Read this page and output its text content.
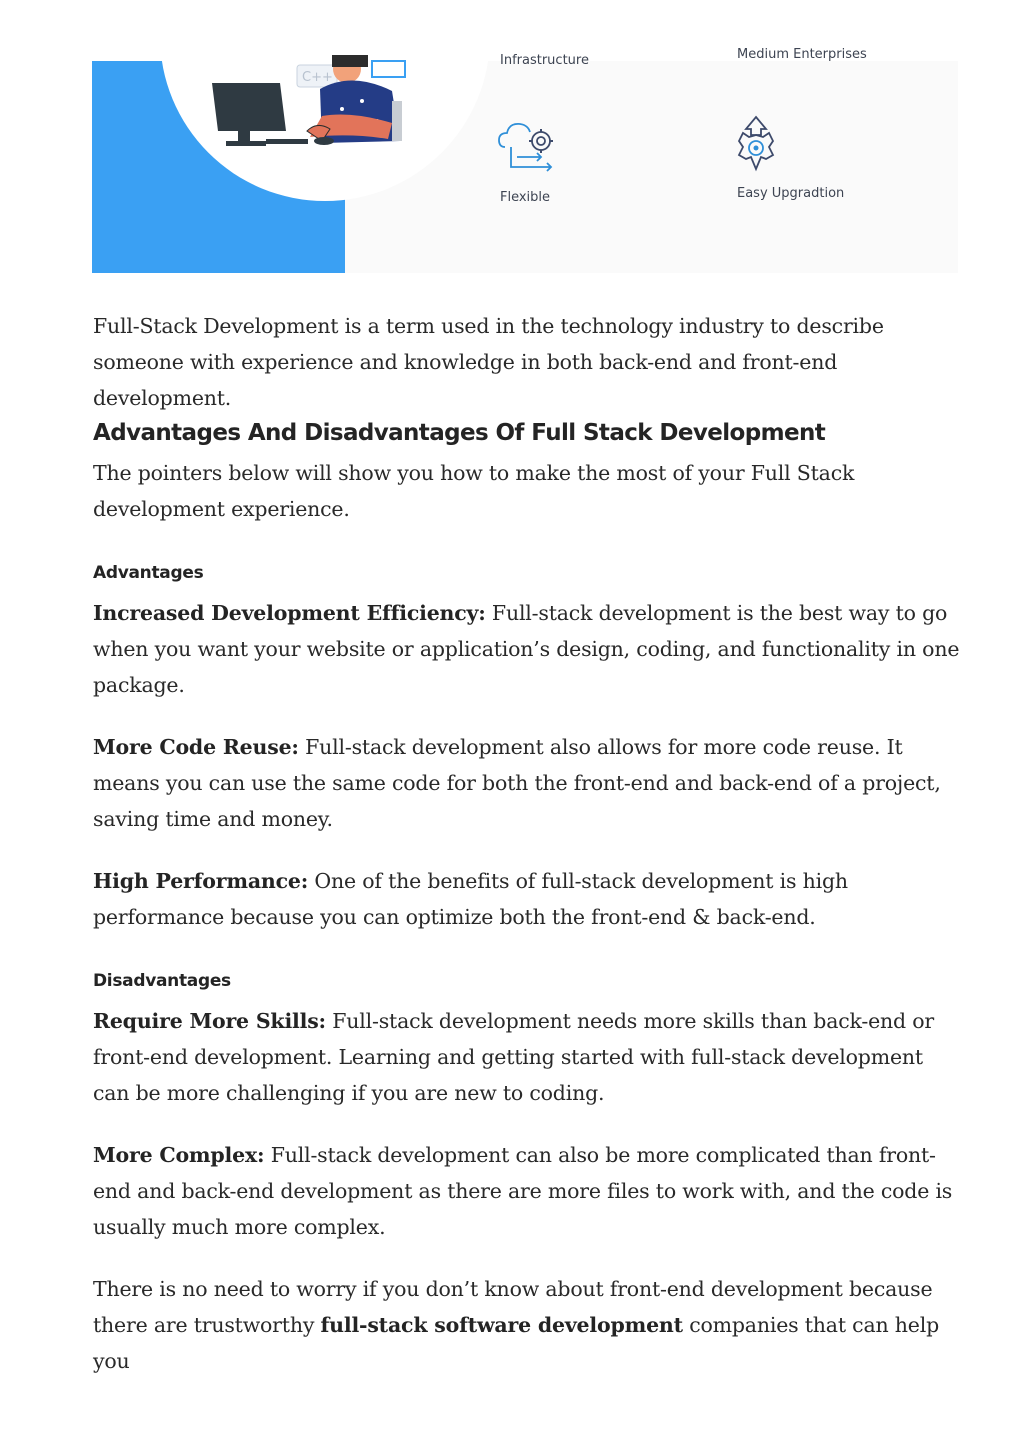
C++
Infrastructure	Medium Enterprises
Flexible	Easy Upgradtion

Full-Stack Development is a term used in the technology industry to describe someone with experience and knowledge in both back-end and front-end development.

Advantages And Disadvantages Of Full Stack Development

The pointers below will show you how to make the most of your Full Stack development experience.

Advantages

Increased Development Efficiency: Full-stack development is the best way to go when you want your website or application’s design, coding, and functionality in one package.

More Code Reuse: Full-stack development also allows for more code reuse. It means you can use the same code for both the front-end and back-end of a project, saving time and money.

High Performance: One of the benefits of full-stack development is high performance because you can optimize both the front-end & back-end.

Disadvantages

Require More Skills: Full-stack development needs more skills than back-end or front-end development. Learning and getting started with full-stack development can be more challenging if you are new to coding.

More Complex: Full-stack development can also be more complicated than front-end and back-end development as there are more files to work with, and the code is usually much more complex.

There is no need to worry if you don’t know about front-end development because there are trustworthy full-stack software development companies that can help you
